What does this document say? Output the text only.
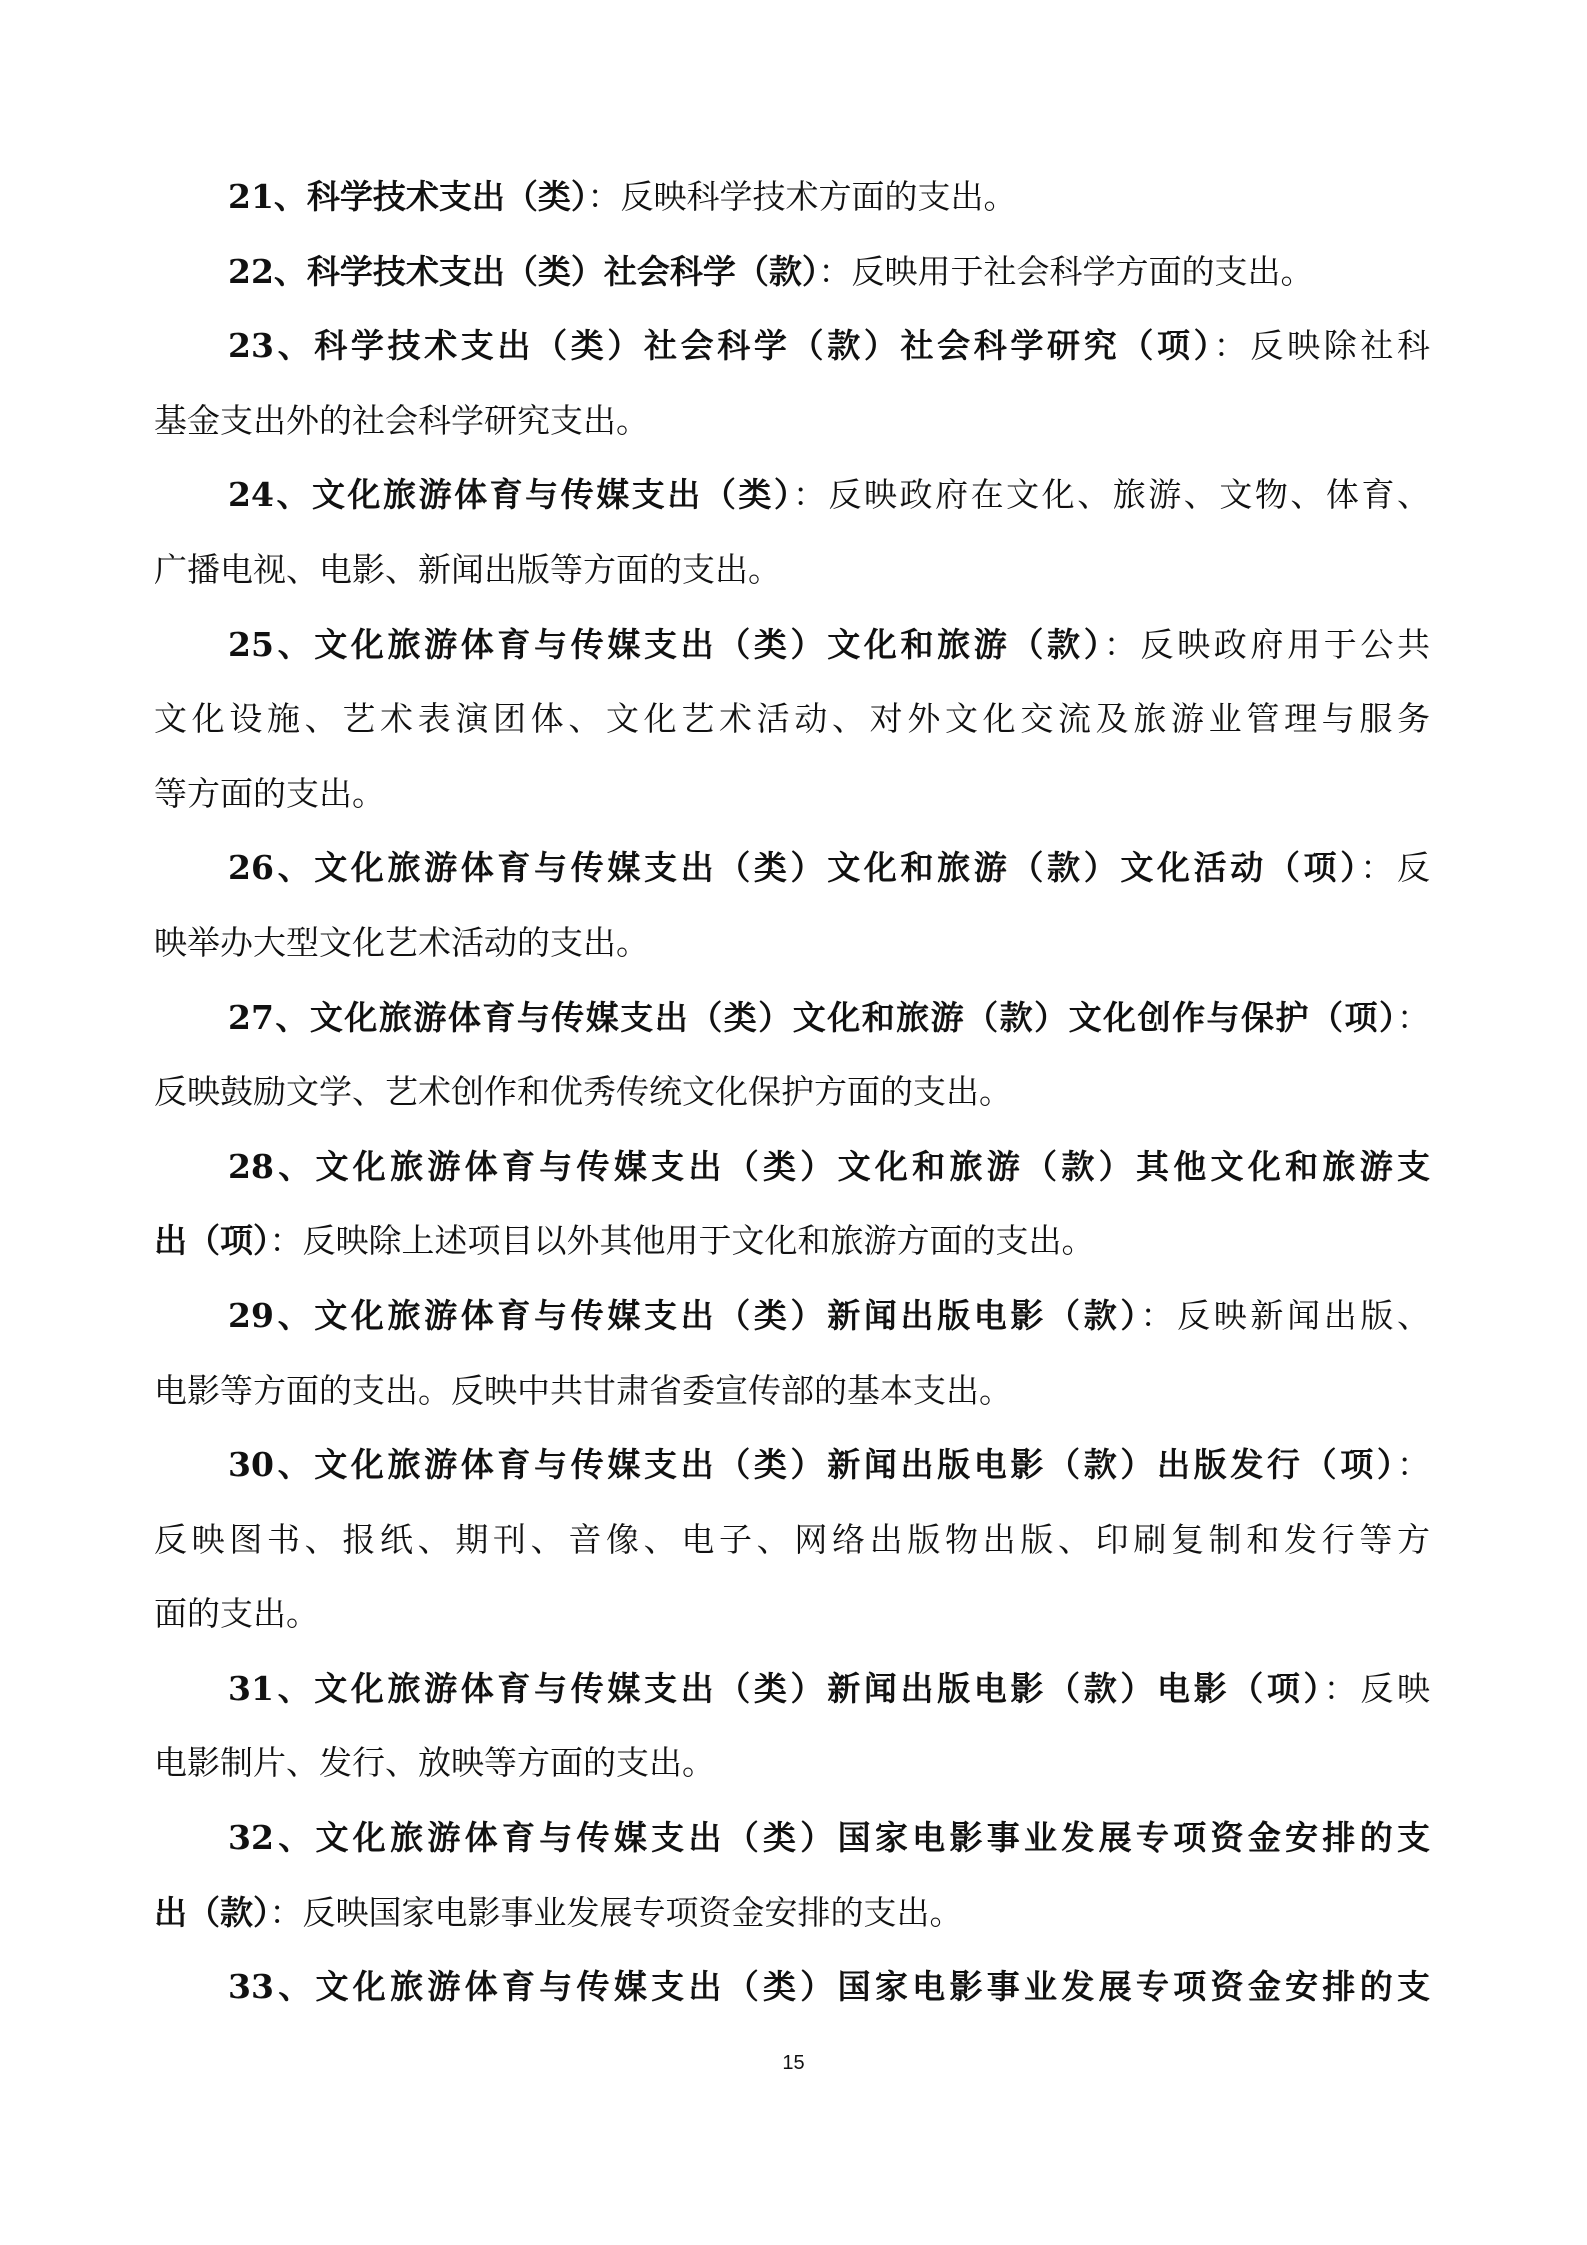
21、科学技术支出（类）：反映科学技术方面的支出。
22、科学技术支出（类）社会科学（款）：反映用于社会科学方面的支出。
23、科学技术支出（类）社会科学（款）社会科学研究（项）：反映除社科
基金支出外的社会科学研究支出。
24、文化旅游体育与传媒支出（类）：反映政府在文化、旅游、文物、体育、
广播电视、电影、新闻出版等方面的支出。
25、文化旅游体育与传媒支出（类）文化和旅游（款）：反映政府用于公共
文化设施、艺术表演团体、文化艺术活动、对外文化交流及旅游业管理与服务
等方面的支出。
26、文化旅游体育与传媒支出（类）文化和旅游（款）文化活动（项）：反
映举办大型文化艺术活动的支出。
27、文化旅游体育与传媒支出（类）文化和旅游（款）文化创作与保护（项）：
反映鼓励文学、艺术创作和优秀传统文化保护方面的支出。
28、文化旅游体育与传媒支出（类）文化和旅游（款）其他文化和旅游支
出（项）：反映除上述项目以外其他用于文化和旅游方面的支出。
29、文化旅游体育与传媒支出（类）新闻出版电影（款）：反映新闻出版、
电影等方面的支出。反映中共甘肃省委宣传部的基本支出。
30、文化旅游体育与传媒支出（类）新闻出版电影（款）出版发行（项）：
反映图书、报纸、期刊、音像、电子、网络出版物出版、印刷复制和发行等方
面的支出。
31、文化旅游体育与传媒支出（类）新闻出版电影（款）电影（项）：反映
电影制片、发行、放映等方面的支出。
32、文化旅游体育与传媒支出（类）国家电影事业发展专项资金安排的支
出（款）：反映国家电影事业发展专项资金安排的支出。
33、文化旅游体育与传媒支出（类）国家电影事业发展专项资金安排的支
15
